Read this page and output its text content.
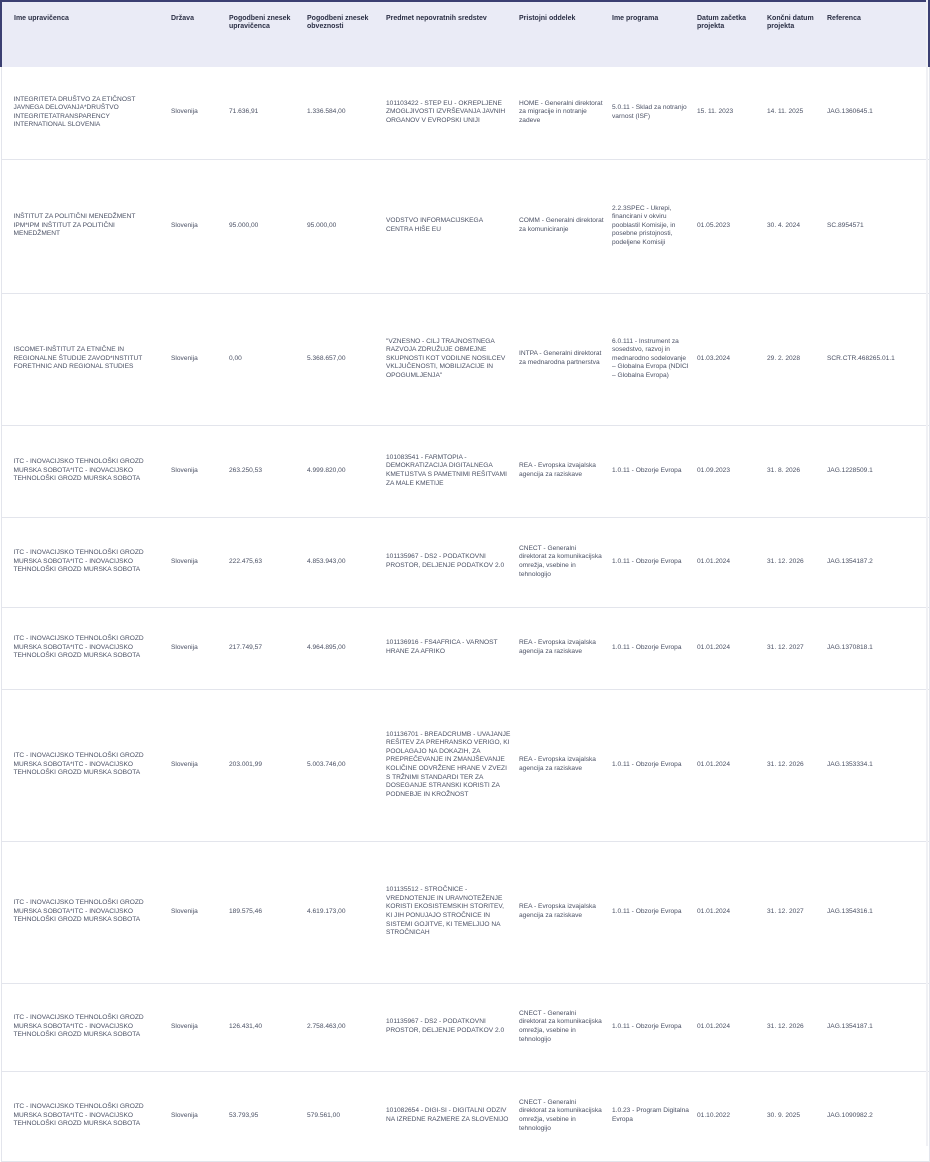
Ime upravičenca	Država	Pogodbeni znesek upravičenca	Pogodbeni znesek obveznosti	Predmet nepovratnih sredstev	Pristojni oddelek	Ime programa	Datum začetka projekta	Končni datum projekta	Referenca
INTEGRITETA DRUŠTVO ZA ETIČNOST JAVNEGA DELOVANJA*DRUŠTVO INTEGRITETATRANSPARENCY INTERNATIONAL SLOVENIA	Slovenija	71.636,91	1.336.584,00	101103422 - STEP EU - OKREPLJENE ZMOGLJIVOSTI IZVRŠEVANJA JAVNIH ORGANOV V EVROPSKI UNIJI	HOME - Generalni direktorat za migracije in notranje zadeve	5.0.11 - Sklad za notranjo varnost (ISF)	15. 11. 2023	14. 11. 2025	JAG.1360645.1
INŠTITUT ZA POLITIČNI MENEDŽMENT IPM*IPM INŠTITUT ZA POLITIČNI MENEDŽMENT	Slovenija	95.000,00	95.000,00	VODSTVO INFORMACIJSKEGA CENTRA HIŠE EU	COMM - Generalni direktorat za komuniciranje	2.2.3SPEC - Ukrepi, financirani v okviru pooblastil Komisije, in posebne pristojnosti, podeljene Komisiji	01.05.2023	30. 4. 2024	SC.8954571
ISCOMET-INŠTITUT ZA ETNIČNE IN REGIONALNE ŠTUDIJE ZAVOD*INSTITUT FORETHNIC AND REGIONAL STUDIES	Slovenija	0,00	5.368.657,00	"VZNESNO - CILJ TRAJNOSTNEGA RAZVOJA ZDRUŽUJE OBMEJNE SKUPNOSTI KOT VODILNE NOSILCEV VKLJUČENOSTI, MOBILIZACIJE IN OPOGUMLJENJA"	INTPA - Generalni direktorat za mednarodna partnerstva	6.0.111 - Instrument za sosedstvo, razvoj in mednarodno sodelovanje – Globalna Evropa (NDICI – Globalna Evropa)	01.03.2024	29. 2. 2028	SCR.CTR.468265.01.1
ITC - INOVACIJSKO TEHNOLOŠKI GROZD MURSKA SOBOTA*ITC - INOVACIJSKO TEHNOLOŠKI GROZD MURSKA SOBOTA	Slovenija	263.250,53	4.999.820,00	101083541 - FARMTOPIA - DEMOKRATIZACIJA DIGITALNEGA KMETIJSTVA S PAMETNIMI REŠITVAMI ZA MALE KMETIJE	REA - Evropska izvajalska agencija za raziskave	1.0.11 - Obzorje Evropa	01.09.2023	31. 8. 2026	JAG.1228509.1
ITC - INOVACIJSKO TEHNOLOŠKI GROZD MURSKA SOBOTA*ITC - INOVACIJSKO TEHNOLOŠKI GROZD MURSKA SOBOTA	Slovenija	222.475,63	4.853.943,00	101135967 - DS2 - PODATKOVNI PROSTOR, DELJENJE PODATKOV 2.0	CNECT - Generalni direktorat za komunikacijska omrežja, vsebine in tehnologijo	1.0.11 - Obzorje Evropa	01.01.2024	31. 12. 2026	JAG.1354187.2
ITC - INOVACIJSKO TEHNOLOŠKI GROZD MURSKA SOBOTA*ITC - INOVACIJSKO TEHNOLOŠKI GROZD MURSKA SOBOTA	Slovenija	217.749,57	4.964.895,00	101136916 - FS4AFRICA - VARNOST HRANE ZA AFRIKO	REA - Evropska izvajalska agencija za raziskave	1.0.11 - Obzorje Evropa	01.01.2024	31. 12. 2027	JAG.1370818.1
ITC - INOVACIJSKO TEHNOLOŠKI GROZD MURSKA SOBOTA*ITC - INOVACIJSKO TEHNOLOŠKI GROZD MURSKA SOBOTA	Slovenija	203.001,99	5.003.746,00	101136701 - BREADCRUMB - UVAJANJE REŠITEV ZA PREHRANSKO VERIGO, KI POOLAGAJO NA DOKAZIH, ZA PREPREČEVANJE IN ZMANJŠEVANJE KOLIČINE ODVRŽENE HRANE V ZVEZI S TRŽNIMI STANDARDI TER ZA DOSEGANJE STRANSKI KORISTI ZA PODNEBJE IN KROŽNOST	REA - Evropska izvajalska agencija za raziskave	1.0.11 - Obzorje Evropa	01.01.2024	31. 12. 2026	JAG.1353334.1
ITC - INOVACIJSKO TEHNOLOŠKI GROZD MURSKA SOBOTA*ITC - INOVACIJSKO TEHNOLOŠKI GROZD MURSKA SOBOTA	Slovenija	189.575,46	4.619.173,00	101135512 - STROČNICE - VREDNOTENJE IN URAVNOTEŽENJE KORISTI EKOSISTEMSKIH STORITEV, KI JIH PONUJAJO STROČNICE IN SISTEMI GOJITVE, KI TEMELJIJO NA STROČNICAH	REA - Evropska izvajalska agencija za raziskave	1.0.11 - Obzorje Evropa	01.01.2024	31. 12. 2027	JAG.1354316.1
ITC - INOVACIJSKO TEHNOLOŠKI GROZD MURSKA SOBOTA*ITC - INOVACIJSKO TEHNOLOŠKI GROZD MURSKA SOBOTA	Slovenija	126.431,40	2.758.463,00	101135967 - DS2 - PODATKOVNI PROSTOR, DELJENJE PODATKOV 2.0	CNECT - Generalni direktorat za komunikacijska omrežja, vsebine in tehnologijo	1.0.11 - Obzorje Evropa	01.01.2024	31. 12. 2026	JAG.1354187.1
ITC - INOVACIJSKO TEHNOLOŠKI GROZD MURSKA SOBOTA*ITC - INOVACIJSKO TEHNOLOŠKI GROZD MURSKA SOBOTA	Slovenija	53.793,95	579.561,00	101082654 - DIGI-SI - DIGITALNI ODZIV NA IZREDNE RAZMERE ZA SLOVENIJO	CNECT - Generalni direktorat za komunikacijska omrežja, vsebine in tehnologijo	1.0.23 - Program Digitalna Evropa	01.10.2022	30. 9. 2025	JAG.1090982.2
